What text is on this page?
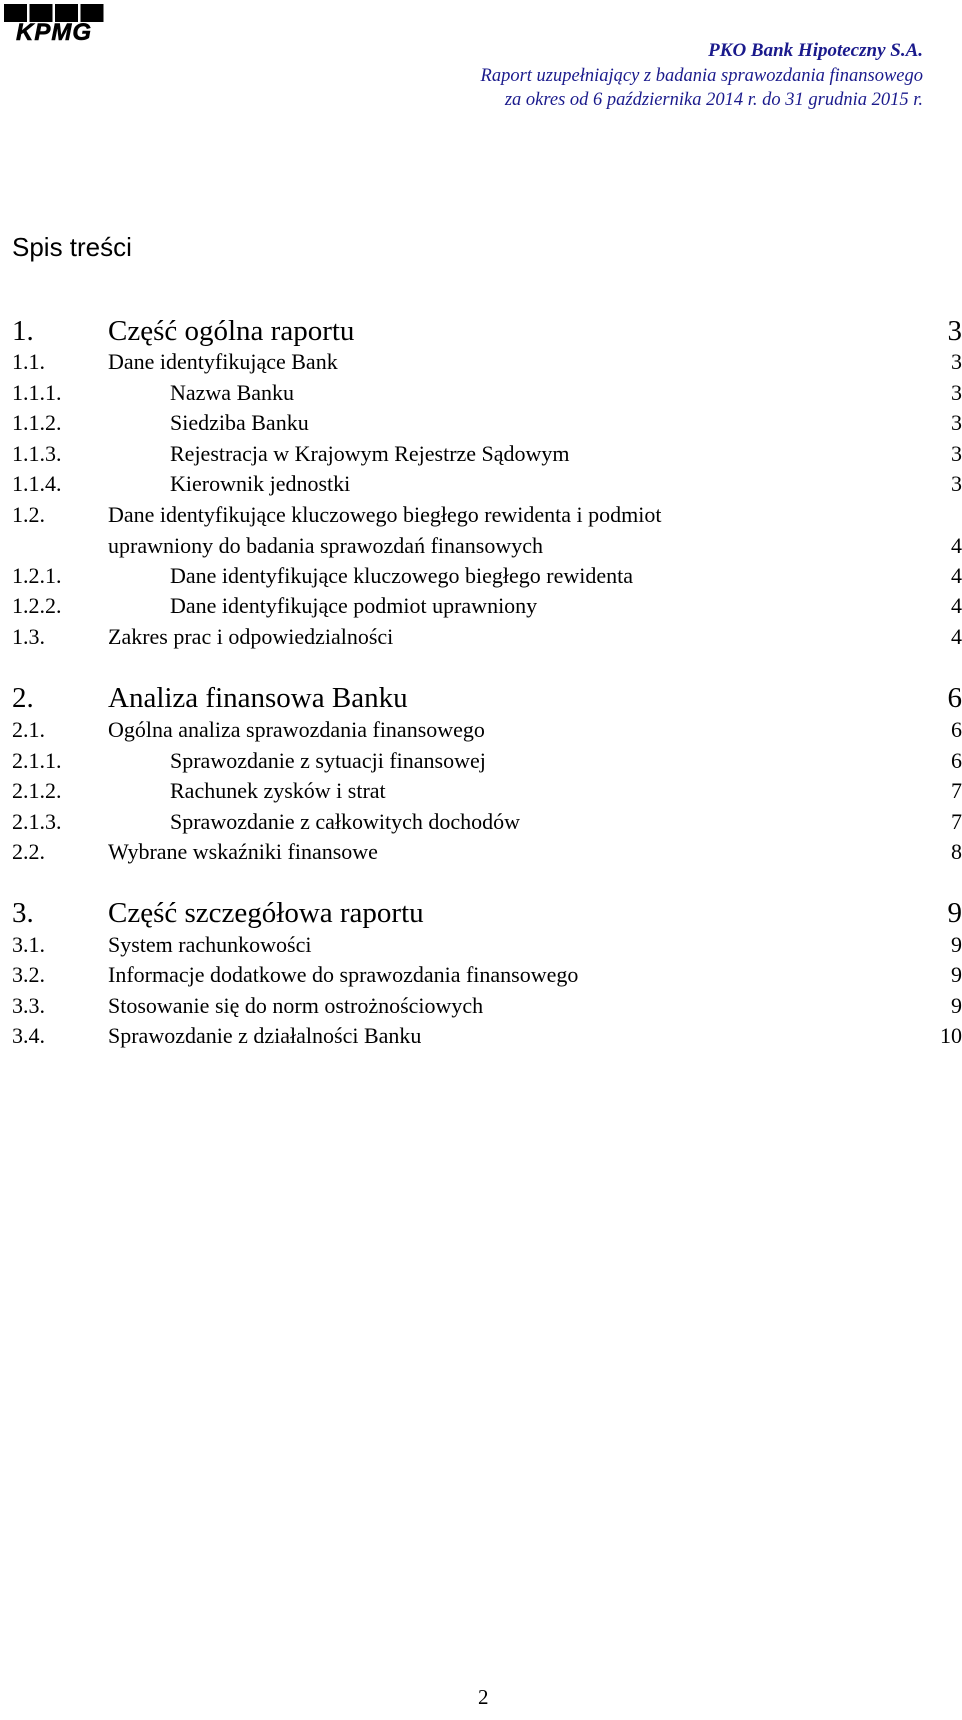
KPMG
PKO Bank Hipoteczny S.A.
Raport uzupełniający z badania sprawozdania finansowego
za okres od 6 października 2014 r. do 31 grudnia 2015 r.
Spis treści
1.	Część ogólna raportu	3
1.1.	Dane identyfikujące Bank	3
1.1.1.	Nazwa Banku	3
1.1.2.	Siedziba Banku	3
1.1.3.	Rejestracja w Krajowym Rejestrze Sądowym	3
1.1.4.	Kierownik jednostki	3
1.2.	Dane identyfikujące kluczowego biegłego rewidenta i podmiot
uprawniony do badania sprawozdań finansowych	4
1.2.1.	Dane identyfikujące kluczowego biegłego rewidenta	4
1.2.2.	Dane identyfikujące podmiot uprawniony	4
1.3.	Zakres prac i odpowiedzialności	4
2.	Analiza finansowa Banku	6
2.1.	Ogólna analiza sprawozdania finansowego	6
2.1.1.	Sprawozdanie z sytuacji finansowej	6
2.1.2.	Rachunek zysków i strat	7
2.1.3.	Sprawozdanie z całkowitych dochodów	7
2.2.	Wybrane wskaźniki finansowe	8
3.	Część szczegółowa raportu	9
3.1.	System rachunkowości	9
3.2.	Informacje dodatkowe do sprawozdania finansowego	9
3.3.	Stosowanie się do norm ostrożnościowych	9
3.4.	Sprawozdanie z działalności Banku	10
2
